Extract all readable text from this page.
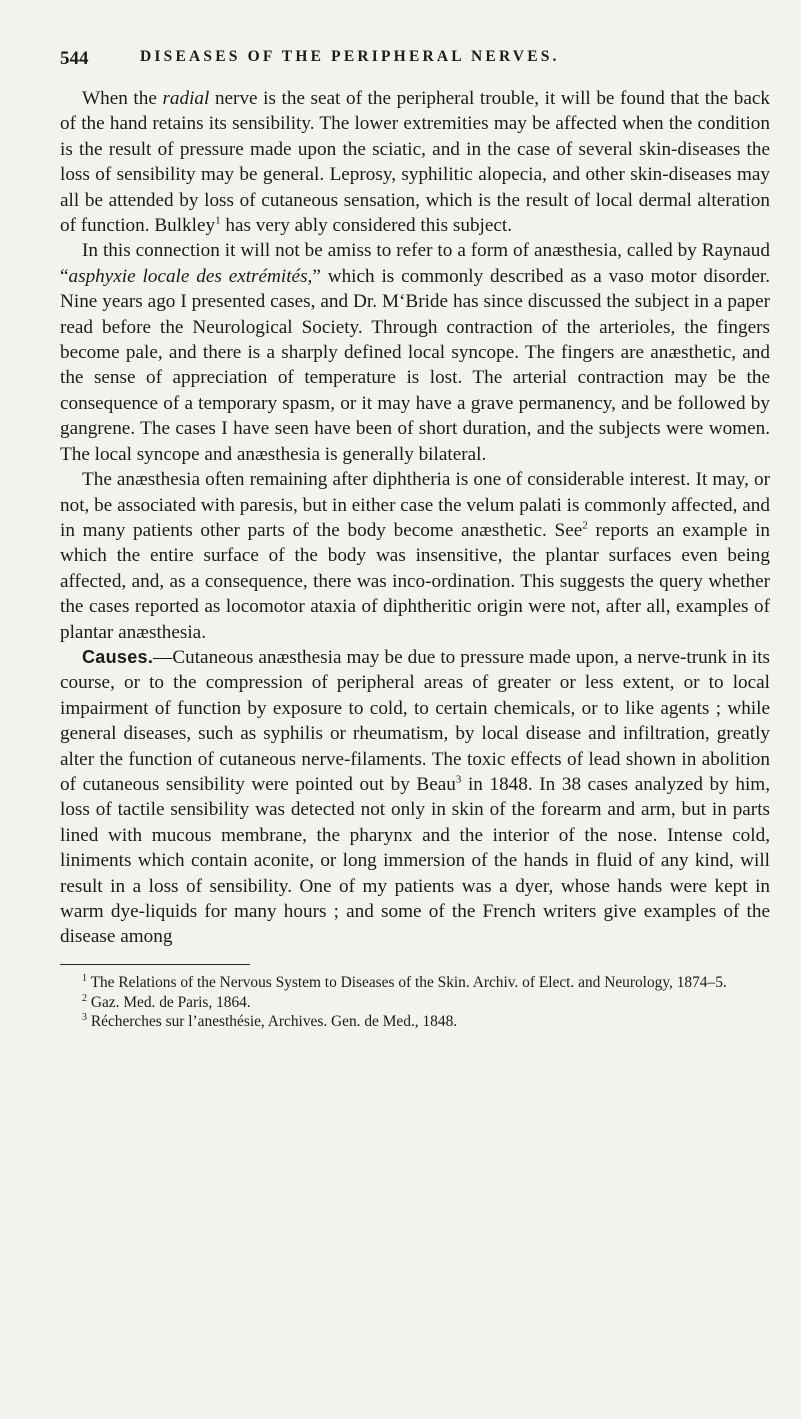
544	DISEASES OF THE PERIPHERAL NERVES.

When the radial nerve is the seat of the peripheral trouble, it will be found that the back of the hand retains its sensibility. The lower extremities may be affected when the condition is the result of pressure made upon the sciatic, and in the case of several skin-diseases the loss of sensibility may be general. Leprosy, syphilitic alopecia, and other skin-diseases may all be attended by loss of cutaneous sensation, which is the result of local dermal alteration of function. Bulkley$^1$ has very ably considered this subject.

In this connection it will not be amiss to refer to a form of anæsthesia, called by Raynaud “asphyxie locale des extrémités,” which is commonly described as a vaso motor disorder. Nine years ago I presented cases, and Dr. M‘Bride has since discussed the subject in a paper read before the Neurological Society. Through contraction of the arterioles, the fingers become pale, and there is a sharply defined local syncope. The fingers are anæsthetic, and the sense of appreciation of temperature is lost. The arterial contraction may be the consequence of a temporary spasm, or it may have a grave permanency, and be followed by gangrene. The cases I have seen have been of short duration, and the subjects were women. The local syncope and anæsthesia is generally bilateral.

The anæsthesia often remaining after diphtheria is one of considerable interest. It may, or not, be associated with paresis, but in either case the velum palati is commonly affected, and in many patients other parts of the body become anæsthetic. See$^2$ reports an example in which the entire surface of the body was insensitive, the plantar surfaces even being affected, and, as a consequence, there was inco-ordination. This suggests the query whether the cases reported as locomotor ataxia of diphtheritic origin were not, after all, examples of plantar anæsthesia.

Causes.—Cutaneous anæsthesia may be due to pressure made upon, a nerve-trunk in its course, or to the compression of peripheral areas of greater or less extent, or to local impairment of function by exposure to cold, to certain chemicals, or to like agents ; while general diseases, such as syphilis or rheumatism, by local disease and infiltration, greatly alter the function of cutaneous nerve-filaments. The toxic effects of lead shown in abolition of cutaneous sensibility were pointed out by Beau$^3$ in 1848. In 38 cases analyzed by him, loss of tactile sensibility was detected not only in skin of the forearm and arm, but in parts lined with mucous membrane, the pharynx and the interior of the nose. Intense cold, liniments which contain aconite, or long immersion of the hands in fluid of any kind, will result in a loss of sensibility. One of my patients was a dyer, whose hands were kept in warm dye-liquids for many hours ; and some of the French writers give examples of the disease among

$^1$ The Relations of the Nervous System to Diseases of the Skin. Archiv. of Elect. and Neurology, 1874–5.
$^2$ Gaz. Med. de Paris, 1864.
$^3$ Récherches sur l’anesthésie, Archives. Gen. de Med., 1848.
